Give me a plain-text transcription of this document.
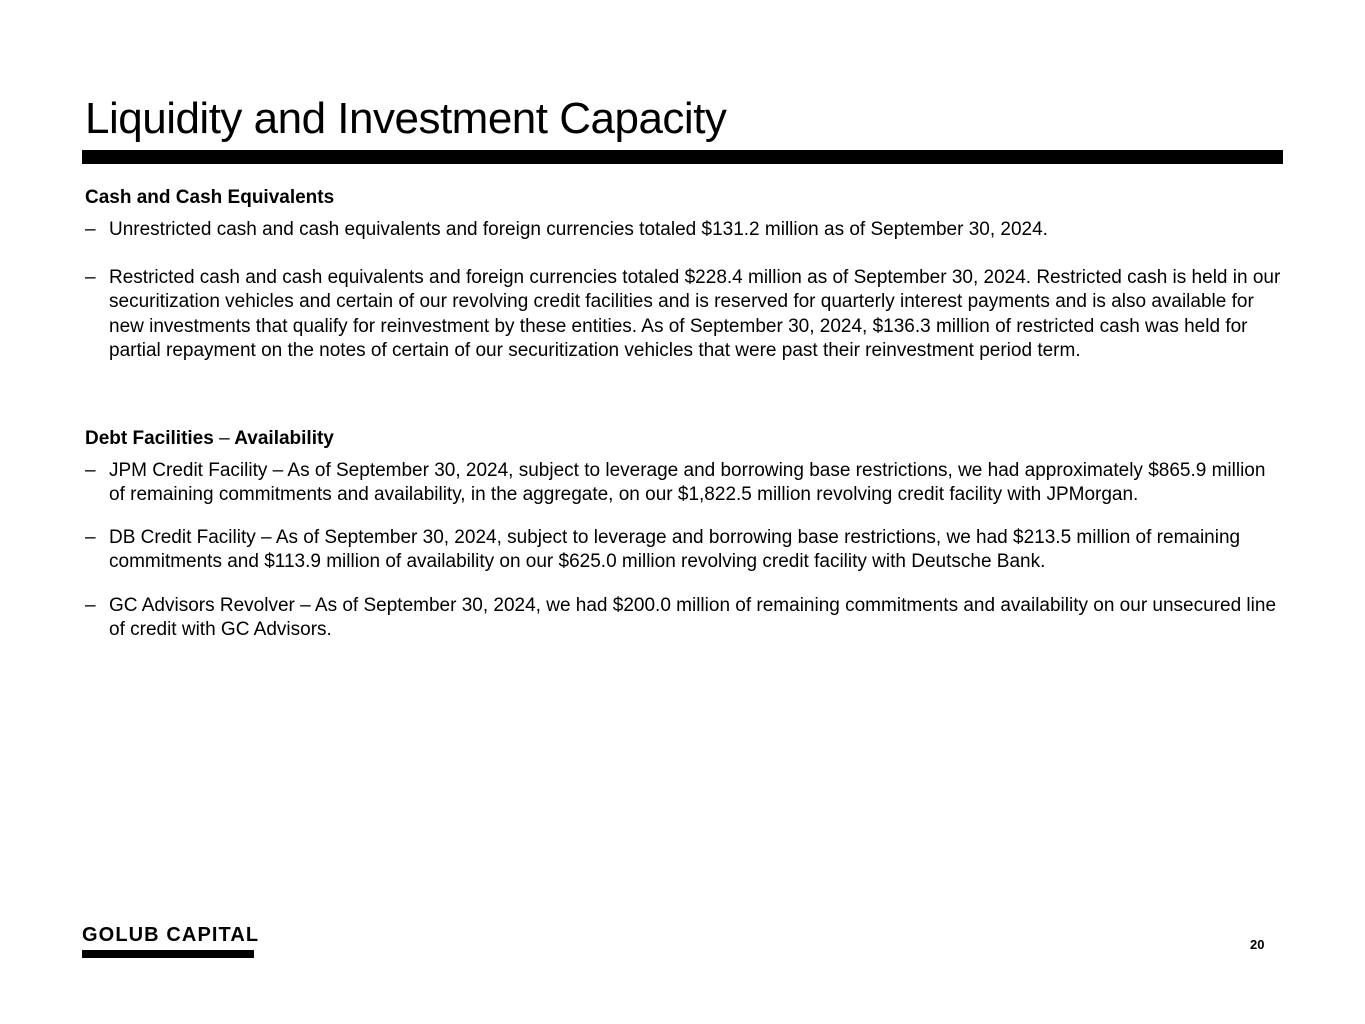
Liquidity and Investment Capacity
Cash and Cash Equivalents
– Unrestricted cash and cash equivalents and foreign currencies totaled $131.2 million as of September 30, 2024.
– Restricted cash and cash equivalents and foreign currencies totaled $228.4 million as of September 30, 2024. Restricted cash is held in our securitization vehicles and certain of our revolving credit facilities and is reserved for quarterly interest payments and is also available for new investments that qualify for reinvestment by these entities. As of September 30, 2024, $136.3 million of restricted cash was held for partial repayment on the notes of certain of our securitization vehicles that were past their reinvestment period term.
Debt Facilities – Availability
– JPM Credit Facility – As of September 30, 2024, subject to leverage and borrowing base restrictions, we had approximately $865.9 million of remaining commitments and availability, in the aggregate, on our $1,822.5 million revolving credit facility with JPMorgan.
– DB Credit Facility – As of September 30, 2024, subject to leverage and borrowing base restrictions, we had $213.5 million of remaining commitments and $113.9 million of availability on our $625.0 million revolving credit facility with Deutsche Bank.
– GC Advisors Revolver – As of September 30, 2024, we had $200.0 million of remaining commitments and availability on our unsecured line of credit with GC Advisors.
GOLUB CAPITAL	20
